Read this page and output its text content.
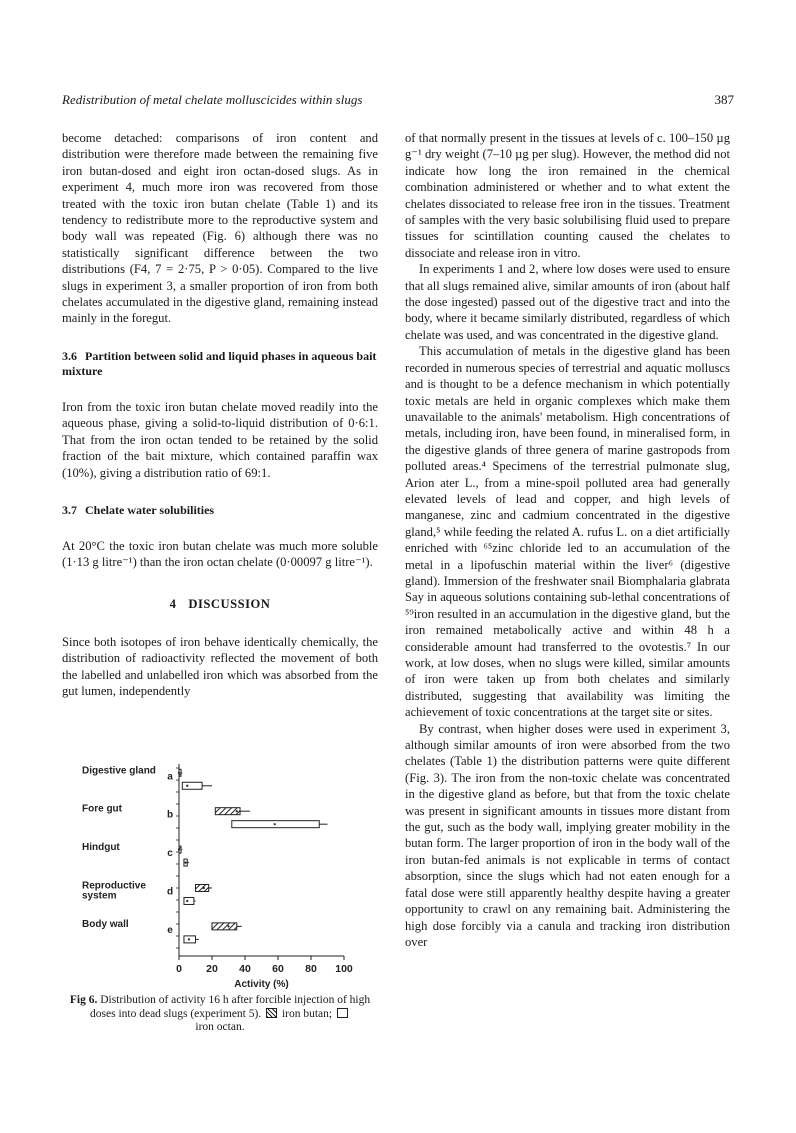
Redistribution of metal chelate molluscicides within slugs	387

become detached: comparisons of iron content and distribution were therefore made between the remaining five iron butan-dosed and eight iron octan-dosed slugs. As in experiment 4, much more iron was recovered from those treated with the toxic iron butan chelate (Table 1) and its tendency to redistribute more to the reproductive system and body wall was repeated (Fig. 6) although there was no statistically significant difference between the two distributions (F4, 7 = 2·75, P > 0·05). Compared to the live slugs in experiment 3, a smaller proportion of iron from both chelates accumulated in the digestive gland, remaining instead mainly in the foregut.

3.6 Partition between solid and liquid phases in aqueous bait mixture

Iron from the toxic iron butan chelate moved readily into the aqueous phase, giving a solid-to-liquid distribution of 0·6:1. That from the iron octan tended to be retained by the solid fraction of the bait mixture, which contained paraffin wax (10%), giving a distribution ratio of 69:1.

3.7 Chelate water solubilities

At 20°C the toxic iron butan chelate was much more soluble (1·13 g litre⁻¹) than the iron octan chelate (0·00097 g litre⁻¹).

4 DISCUSSION

Since both isotopes of iron behave identically chemically, the distribution of radioactivity reflected the movement of both the labelled and unlabelled iron which was absorbed from the gut lumen, independently

of that normally present in the tissues at levels of c. 100–150 µg g⁻¹ dry weight (7–10 µg per slug). However, the method did not indicate how long the iron remained in the chemical combination administered or whether and to what extent the chelates dissociated to release free iron in the tissues. Treatment of samples with the very basic solubilising fluid used to prepare tissues for scintillation counting caused the chelates to dissociate and release iron in vitro.

In experiments 1 and 2, where low doses were used to ensure that all slugs remained alive, similar amounts of iron (about half the dose ingested) passed out of the digestive tract and into the body, where it became similarly distributed, regardless of which chelate was used, and was concentrated in the digestive gland.

This accumulation of metals in the digestive gland has been recorded in numerous species of terrestrial and aquatic molluscs and is thought to be a defence mechanism in which potentially toxic metals are held in organic complexes which make them unavailable to the animals' metabolism. High concentrations of metals, including iron, have been found, in mineralised form, in the digestive glands of three genera of marine gastropods from polluted areas.⁴ Specimens of the terrestrial pulmonate slug, Arion ater L., from a mine-spoil polluted area had generally elevated levels of lead and copper, and high levels of manganese, zinc and cadmium concentrated in the digestive gland,⁵ while feeding the related A. rufus L. on a diet artificially enriched with ⁶⁵zinc chloride led to an accumulation of the metal in a lipofuschin material within the liver⁶ (digestive gland). Immersion of the freshwater snail Biomphalaria glabrata Say in aqueous solutions containing sub-lethal concentrations of ⁵⁹iron resulted in an accumulation in the digestive gland, but the iron remained metabolically active and within 48 h a considerable amount had transferred to the ovotestis.⁷ In our work, at low doses, when no slugs were killed, similar amounts of iron were taken up from both chelates and similarly distributed, suggesting that availability was limiting the achievement of toxic concentrations at the target site or sites.

By contrast, when higher doses were used in experiment 3, although similar amounts of iron were absorbed from the two chelates (Table 1) the distribution patterns were quite different (Fig. 3). The iron from the non-toxic chelate was concentrated in the digestive gland as before, but that from the toxic chelate was present in significant amounts in tissues more distant from the gut, such as the body wall, implying greater mobility in the butan form. The larger proportion of iron in the body wall of the iron butan-fed animals is not explicable in terms of contact absorption, since the slugs which had not eaten enough for a fatal dose were still apparently healthy despite having a greater opportunity to crawl on any remaining bait. Administering the high dose forcibly via a canula and tracking iron distribution over

0 20 40 60 80 100
Activity (%)
Digestive gland
a
Fore gut
b
Hindgut
c
Reproductive
system	d
Body wall
e
Fig 6. Distribution of activity 16 h after forcible injection of high doses into dead slugs (experiment 5). iron butan;
iron octan.
